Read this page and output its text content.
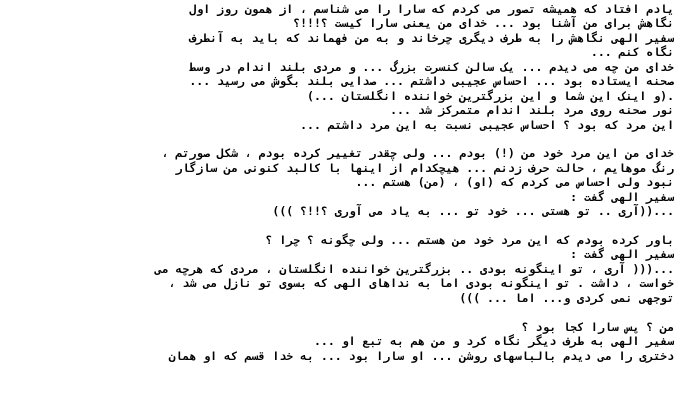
یادم افتاد که همیشه تصور می کردم که سارا را می شناسم ، از همون روز اول
نگاهش برای من آشنا بود ... خدای من یعنی سارا کیست ؟!!!؟
سفیر الهی نگاهش را به طرف دیگری چرخاند و به من فهماند که باید به آنطرف
نگاه کنم ...
خدای من چه می دیدم ... یک سالن کنسرت بزرگ ... و مردی بلند اندام در وسط
صحنه ایستاده بود ... احساس عجیبی داشتم ... صدایی بلند بگوش می رسید ...
.(و اینک این شما و این بزرگترین خواننده انگلستان ...)
نور صحنه روی مرد بلند اندام متمرکز شد ...
این مرد که بود ؟ احساس عجیبی نسبت به این مرد داشتم ...
خدای من این مرد خود من (!) بودم ... ولی چقدر تغییر کرده بودم ، شکل صورتم ،
رنگ موهایم ، حالت حرف زدنم ... هیچکدام از اینها با کالبد کنونی من سازگار
نبود ولی احساس می کردم که (او) ، (من) هستم ...
سفیر الهی گفت :
...((آری .. تو هستی ... خود تو ... به یاد می آوری ؟!!؟ )))
باور کرده بودم که این مرد خود من هستم ... ولی چگونه ؟ چرا ؟
سفیر الهی گفت :
...((( آری ، تو اینگونه بودی .. بزرگترین خواننده انگلستان ، مردی که هرچه می
خواست ، داشت . تو اینگونه بودی اما به نداهای الهی که بسوی تو نازل می شد ،
توجهی نمی کردی و... اما ... )))
من ؟ پس سارا کجا بود ؟
سفیر الهی به طرف دیگر نگاه کرد و من هم به تبع او ...
دختری را می دیدم بالباسهای روشن ... او سارا بود ... به خدا قسم که او همان
